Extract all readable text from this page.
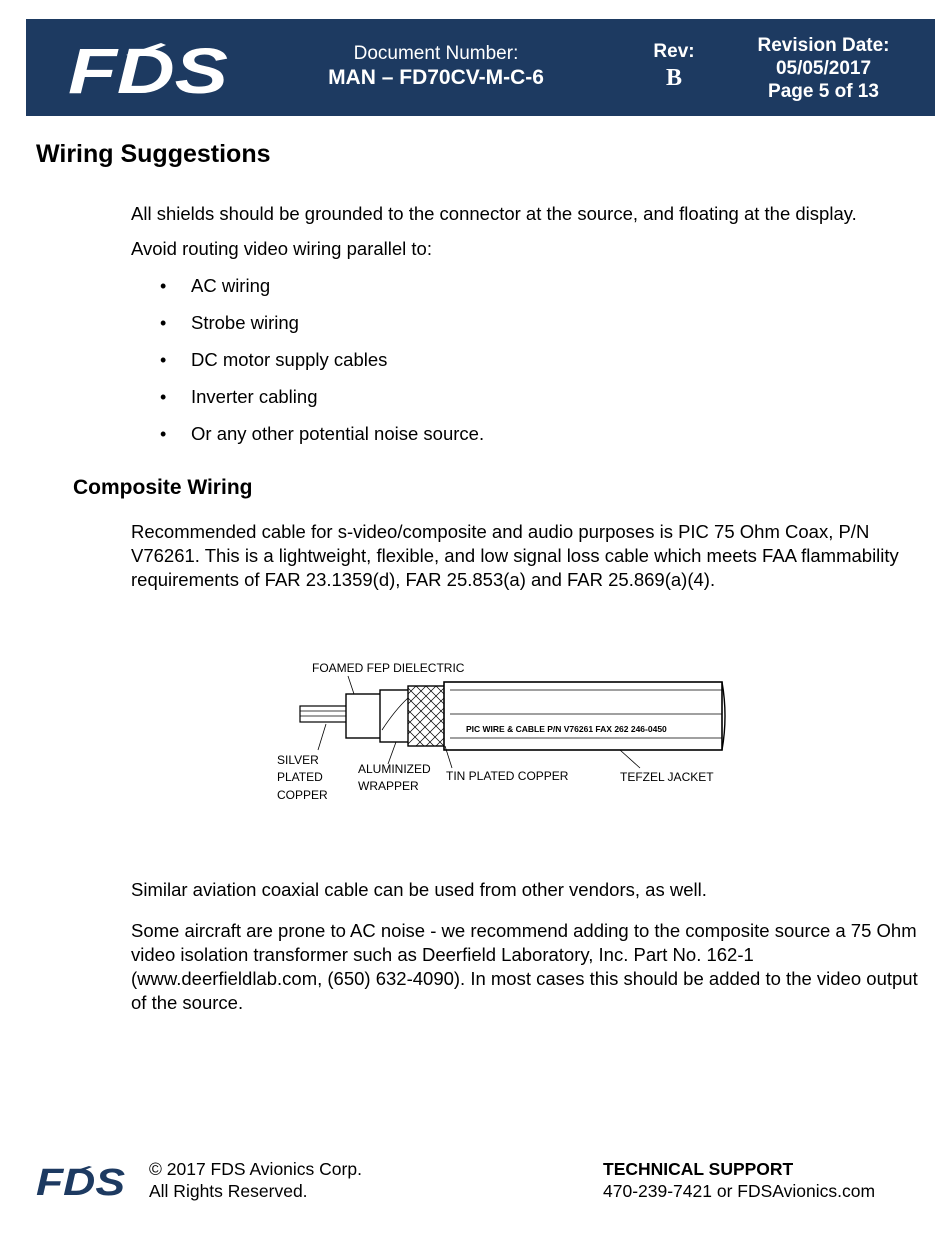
FDS	Document Number:
MAN – FD70CV-M-C-6
Rev:
B
Revision Date:
05/05/2017
Page 5 of 13
Wiring Suggestions
All shields should be grounded to the connector at the source, and floating at the display.
Avoid routing video wiring parallel to:
• AC wiring
• Strobe wiring
• DC motor supply cables
• Inverter cabling
• Or any other potential noise source.
Composite Wiring
Recommended cable for s-video/composite and audio purposes is PIC 75 Ohm Coax, P/N V76261. This is a lightweight, flexible, and low signal loss cable which meets FAA flammability requirements of FAR 23.1359(d), FAR 25.853(a) and FAR 25.869(a)(4).
PIC WIRE & CABLE P/N V76261 FAX 262 246-0450
FOAMED FEP DIELECTRIC
SILVER
PLATED
COPPER
ALUMINIZED
WRAPPER
TIN PLATED COPPER	TEFZEL JACKET
Similar aviation coaxial cable can be used from other vendors, as well.
Some aircraft are prone to AC noise - we recommend adding to the composite source a 75 Ohm video isolation transformer such as Deerfield Laboratory, Inc. Part No. 162-1 (www.deerfieldlab.com, (650) 632-4090). In most cases this should be added to the video output of the source.
FDS © 2017 FDS Avionics Corp.
All Rights Reserved.
TECHNICAL SUPPORT
470-239-7421 or FDSAvionics.com
